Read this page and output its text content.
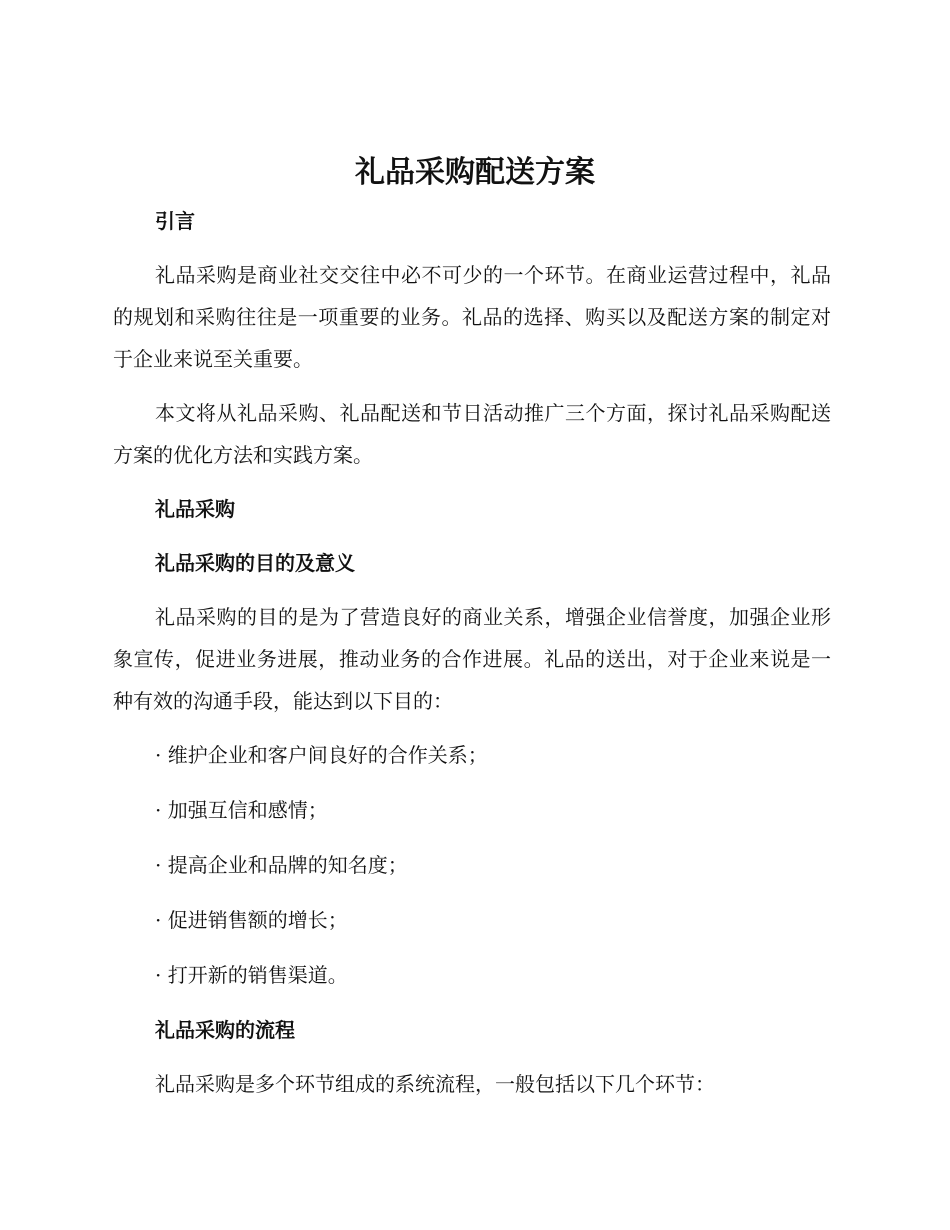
礼品采购配送方案
引言

礼品采购是商业社交交往中必不可少的一个环节。在商业运营过程中，礼品的规划和采购往往是一项重要的业务。礼品的选择、购买以及配送方案的制定对于企业来说至关重要。

本文将从礼品采购、礼品配送和节日活动推广三个方面，探讨礼品采购配送方案的优化方法和实践方案。

礼品采购
礼品采购的目的及意义

礼品采购的目的是为了营造良好的商业关系，增强企业信誉度，加强企业形象宣传，促进业务进展，推动业务的合作进展。礼品的送出，对于企业来说是一种有效的沟通手段，能达到以下目的：

· 维护企业和客户间良好的合作关系；
· 加强互信和感情；
· 提高企业和品牌的知名度；
· 促进销售额的增长；
· 打开新的销售渠道。
礼品采购的流程

礼品采购是多个环节组成的系统流程，一般包括以下几个环节：
